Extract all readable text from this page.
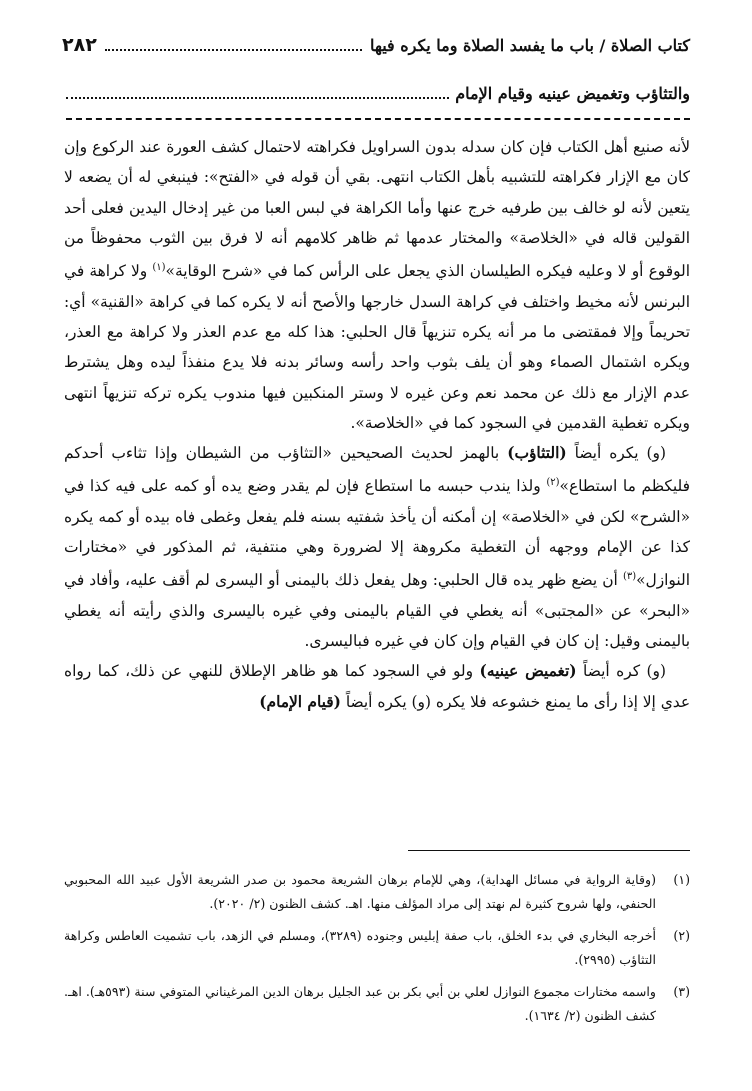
كتاب الصلاة / باب ما يفسد الصلاة وما يكره فيها
٢٨٢
والتثاؤب وتغميض عينيه وقيام الإمام

لأنه صنيع أهل الكتاب فإن كان سدله بدون السراويل فكراهته لاحتمال كشف العورة عند الركوع وإن كان مع الإزار فكراهته للتشبيه بأهل الكتاب انتهى. بقي أن قوله في «الفتح»: فينبغي له أن يضعه لا يتعين لأنه لو خالف بين طرفيه خرج عنها وأما الكراهة في لبس العبا من غير إدخال اليدين فعلى أحد القولين قاله في «الخلاصة» والمختار عدمها ثم ظاهر كلامهم أنه لا فرق بين الثوب محفوظاً من الوقوع أو لا وعليه فيكره الطيلسان الذي يجعل على الرأس كما في «شرح الوقاية»$^{(١)}$ ولا كراهة في البرنس لأنه مخيط واختلف في كراهة السدل خارجها والأصح أنه لا يكره كما في كراهة «القنية» أي: تحريماً وإلا فمقتضى ما مر أنه يكره تنزيهاً قال الحلبي: هذا كله مع عدم العذر ولا كراهة مع العذر، ويكره اشتمال الصماء وهو أن يلف بثوب واحد رأسه وسائر بدنه فلا يدع منفذاً ليده وهل يشترط عدم الإزار مع ذلك عن محمد نعم وعن غيره لا وستر المنكبين فيها مندوب يكره تركه تنزيهاً انتهى ويكره تغطية القدمين في السجود كما في «الخلاصة».

(و) يكره أيضاً (التثاؤب) بالهمز لحديث الصحيحين «التثاؤب من الشيطان وإذا تثاءب أحدكم فليكظم ما استطاع»$^{(٢)}$ ولذا يندب حبسه ما استطاع فإن لم يقدر وضع يده أو كمه على فيه كذا في «الشرح» لكن في «الخلاصة» إن أمكنه أن يأخذ شفتيه بسنه فلم يفعل وغطى فاه بيده أو كمه يكره كذا عن الإمام ووجهه أن التغطية مكروهة إلا لضرورة وهي منتفية، ثم المذكور في «مختارات النوازل»$^{(٣)}$ أن يضع ظهر يده قال الحلبي: وهل يفعل ذلك باليمنى أو اليسرى لم أقف عليه، وأفاد في «البحر» عن «المجتبى» أنه يغطي في القيام باليمنى وفي غيره باليسرى والذي رأيته أنه يغطي باليمنى وقيل: إن كان في القيام وإن كان في غيره فباليسرى.

(و) كره أيضاً (تغميض عينيه) ولو في السجود كما هو ظاهر الإطلاق للنهي عن ذلك، كما رواه عدي إلا إذا رأى ما يمنع خشوعه فلا يكره (و) يكره أيضاً (قيام الإمام)

(١)
(وقاية الرواية في مسائل الهداية)، وهي للإمام برهان الشريعة محمود بن صدر الشريعة الأول عبيد الله المحبوبي الحنفي، ولها شروح كثيرة لم نهتد إلى مراد المؤلف منها. اهـ. كشف الظنون (٢/ ٢٠٢٠).
(٢)
أخرجه البخاري في بدء الخلق، باب صفة إبليس وجنوده (٣٢٨٩)، ومسلم في الزهد، باب تشميت العاطس وكراهة التثاؤب (٢٩٩٥).
(٣)
واسمه مختارات مجموع النوازل لعلي بن أبي بكر بن عبد الجليل برهان الدين المرغيناني المتوفي سنة (٥٩٣هـ). اهـ. كشف الظنون (٢/ ١٦٣٤).
